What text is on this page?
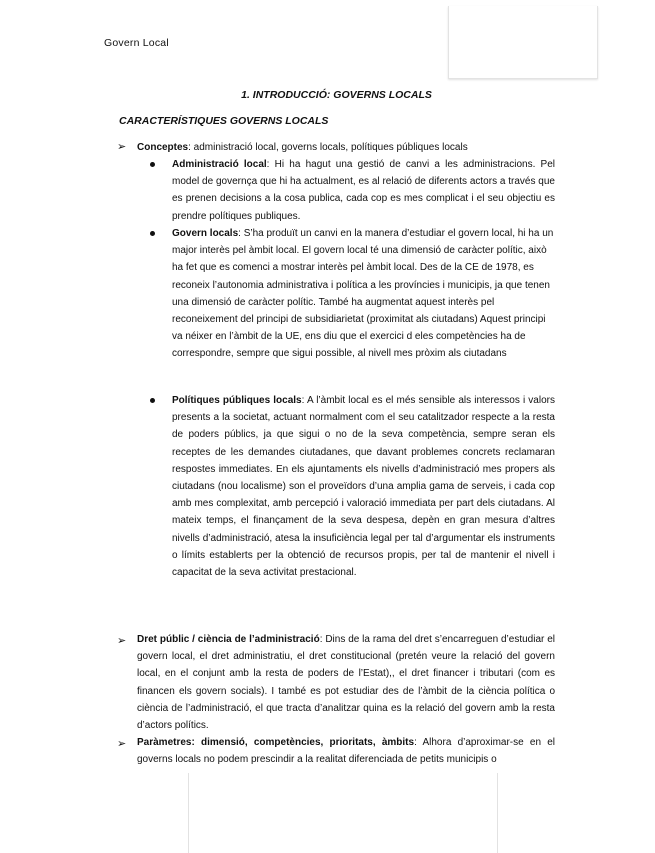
Govern Local
1. INTRODUCCIÓ: GOVERNS LOCALS
CARACTERÍSTIQUES GOVERNS LOCALS
➢ Conceptes: administració local, governs locals, polítiques públiques locals
Administració local: Hi ha hagut una gestió de canvi a les administracions. Pel model de governça que hi ha actualment, es al relació de diferents actors a través que es prenen decisions a la cosa publica, cada cop es mes complicat i el seu objectiu es prendre polítiques publiques.
Govern locals: S’ha produït un canvi en la manera d’estudiar el govern local, hi ha un major interès pel àmbit local. El govern local té una dimensió de caràcter polític, això ha fet que es comenci a mostrar interès pel àmbit local. Des de la CE de 1978, es reconeix l’autonomia administrativa i política a les províncies i municipis, ja que tenen una dimensió de caràcter polític. També ha augmentat aquest interès pel reconeixement del principi de subsidiarietat (proximitat als ciutadans) Aquest principi va néixer en l’àmbit de la UE, ens diu que el exercici d eles competències ha de correspondre, sempre que sigui possible, al nivell mes pròxim als ciutadans
Polítiques públiques locals: A l’àmbit local es el més sensible als interessos i valors presents a la societat, actuant normalment com el seu catalitzador respecte a la resta de poders públics, ja que sigui o no de la seva competència, sempre seran els receptes de les demandes ciutadanes, que davant problemes concrets reclamaran respostes immediates. En els ajuntaments els nivells d’administració mes propers als ciutadans (nou localisme) son el proveïdors d’una amplia gama de serveis, i cada cop amb mes complexitat, amb percepció i valoració immediata per part dels ciutadans. Al mateix temps, el finançament de la seva despesa, depèn en gran mesura d’altres nivells d’administració, atesa la insuficiència legal per tal d’argumentar els instruments o límits establerts per la obtenció de recursos propis, per tal de mantenir el nivell i capacitat de la seva activitat prestacional.
➢ Dret públic / ciència de l’administració: Dins de la rama del dret s’encarreguen d’estudiar el govern local, el dret administratiu, el dret constitucional (pretén veure la relació del govern local, en el conjunt amb la resta de poders de l’Estat),, el dret financer i tributari (com es financen els govern socials). I també es pot estudiar des de l’àmbit de la ciència política o ciència de l’administració, el que tracta d’analitzar quina es la relació del govern amb la resta d’actors polítics.
➢ Paràmetres: dimensió, competències, prioritats, àmbits: Alhora d’aproximar-se en el governs locals no podem prescindir a la realitat diferenciada de petits municipis o
